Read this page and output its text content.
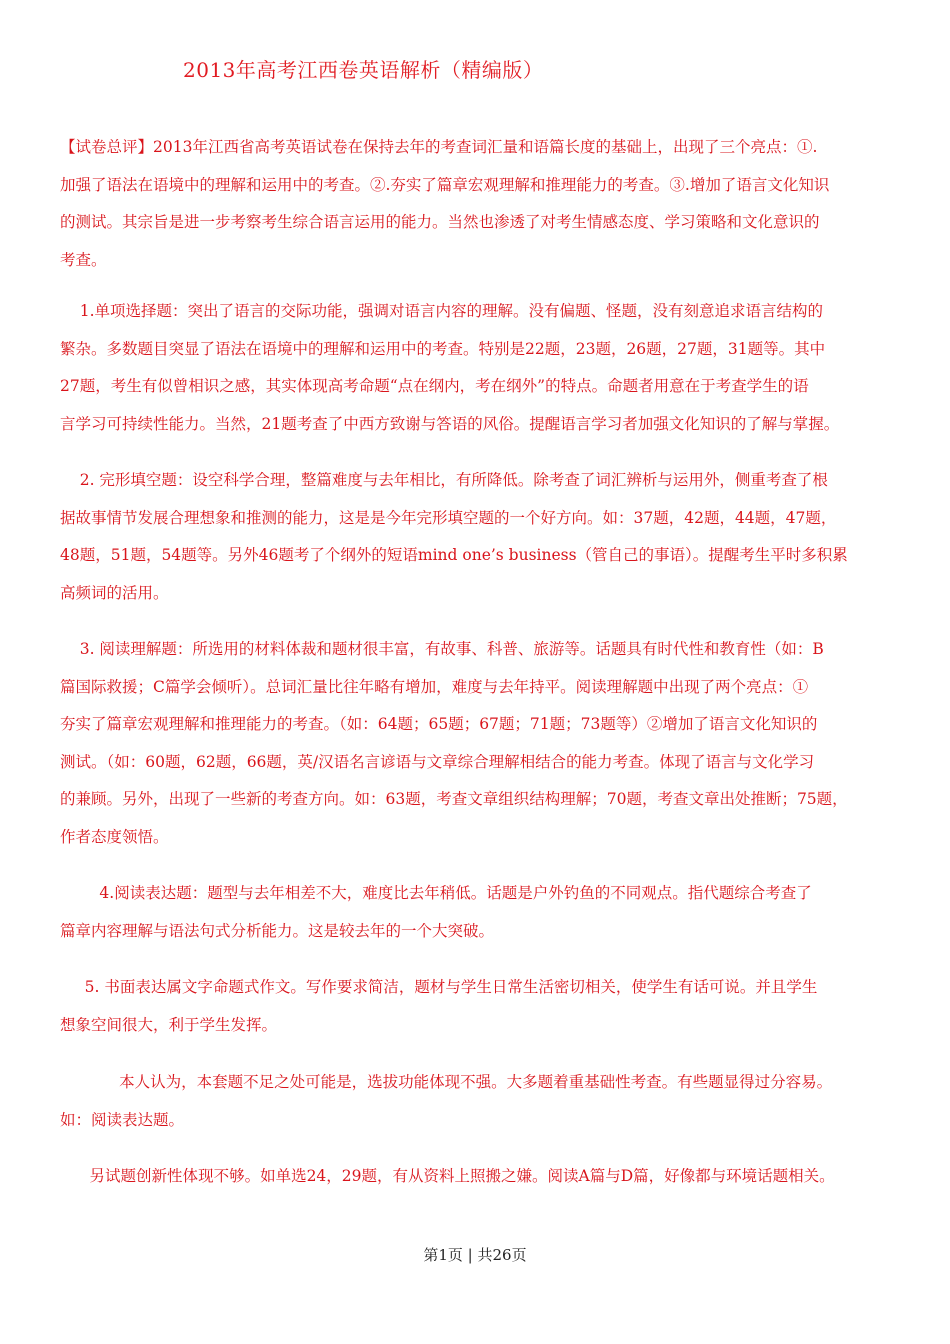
2013年高考江西卷英语解析（精编版）

【试卷总评】2013年江西省高考英语试卷在保持去年的考查词汇量和语篇长度的基础上，出现了三个亮点：①.
加强了语法在语境中的理解和运用中的考查。②.夯实了篇章宏观理解和推理能力的考查。③.增加了语言文化知识
的测试。其宗旨是进一步考察考生综合语言运用的能力。当然也渗透了对考生情感态度、学习策略和文化意识的
考查。

1.单项选择题：突出了语言的交际功能，强调对语言内容的理解。没有偏题、怪题，没有刻意追求语言结构的
繁杂。多数题目突显了语法在语境中的理解和运用中的考查。特别是22题，23题，26题，27题，31题等。其中
27题，考生有似曾相识之感，其实体现高考命题“点在纲内，考在纲外”的特点。命题者用意在于考查学生的语
言学习可持续性能力。当然，21题考查了中西方致谢与答语的风俗。提醒语言学习者加强文化知识的了解与掌握。

2. 完形填空题：设空科学合理，整篇难度与去年相比，有所降低。除考查了词汇辨析与运用外，侧重考查了根
据故事情节发展合理想象和推测的能力，这是是今年完形填空题的一个好方向。如：37题，42题，44题，47题，
48题，51题，54题等。另外46题考了个纲外的短语mind one’s business（管自己的事语）。提醒考生平时多积累
高频词的活用。

3. 阅读理解题：所选用的材料体裁和题材很丰富，有故事、科普、旅游等。话题具有时代性和教育性（如：B
篇国际救援；C篇学会倾听）。总词汇量比往年略有增加，难度与去年持平。阅读理解题中出现了两个亮点：①
夯实了篇章宏观理解和推理能力的考查。（如：64题；65题；67题；71题；73题等）②增加了语言文化知识的
测试。（如：60题，62题，66题，英/汉语名言谚语与文章综合理解相结合的能力考查。体现了语言与文化学习
的兼顾。另外，出现了一些新的考查方向。如：63题，考查文章组织结构理解；70题，考查文章出处推断；75题，
作者态度领悟。

4.阅读表达题：题型与去年相差不大，难度比去年稍低。话题是户外钓鱼的不同观点。指代题综合考查了
篇章内容理解与语法句式分析能力。这是较去年的一个大突破。

5. 书面表达属文字命题式作文。写作要求简洁，题材与学生日常生活密切相关，使学生有话可说。并且学生
想象空间很大，利于学生发挥。

本人认为，本套题不足之处可能是，选拔功能体现不强。大多题着重基础性考查。有些题显得过分容易。
如：阅读表达题。

另试题创新性体现不够。如单选24，29题，有从资料上照搬之嫌。阅读A篇与D篇，好像都与环境话题相关。

第1页 | 共26页
